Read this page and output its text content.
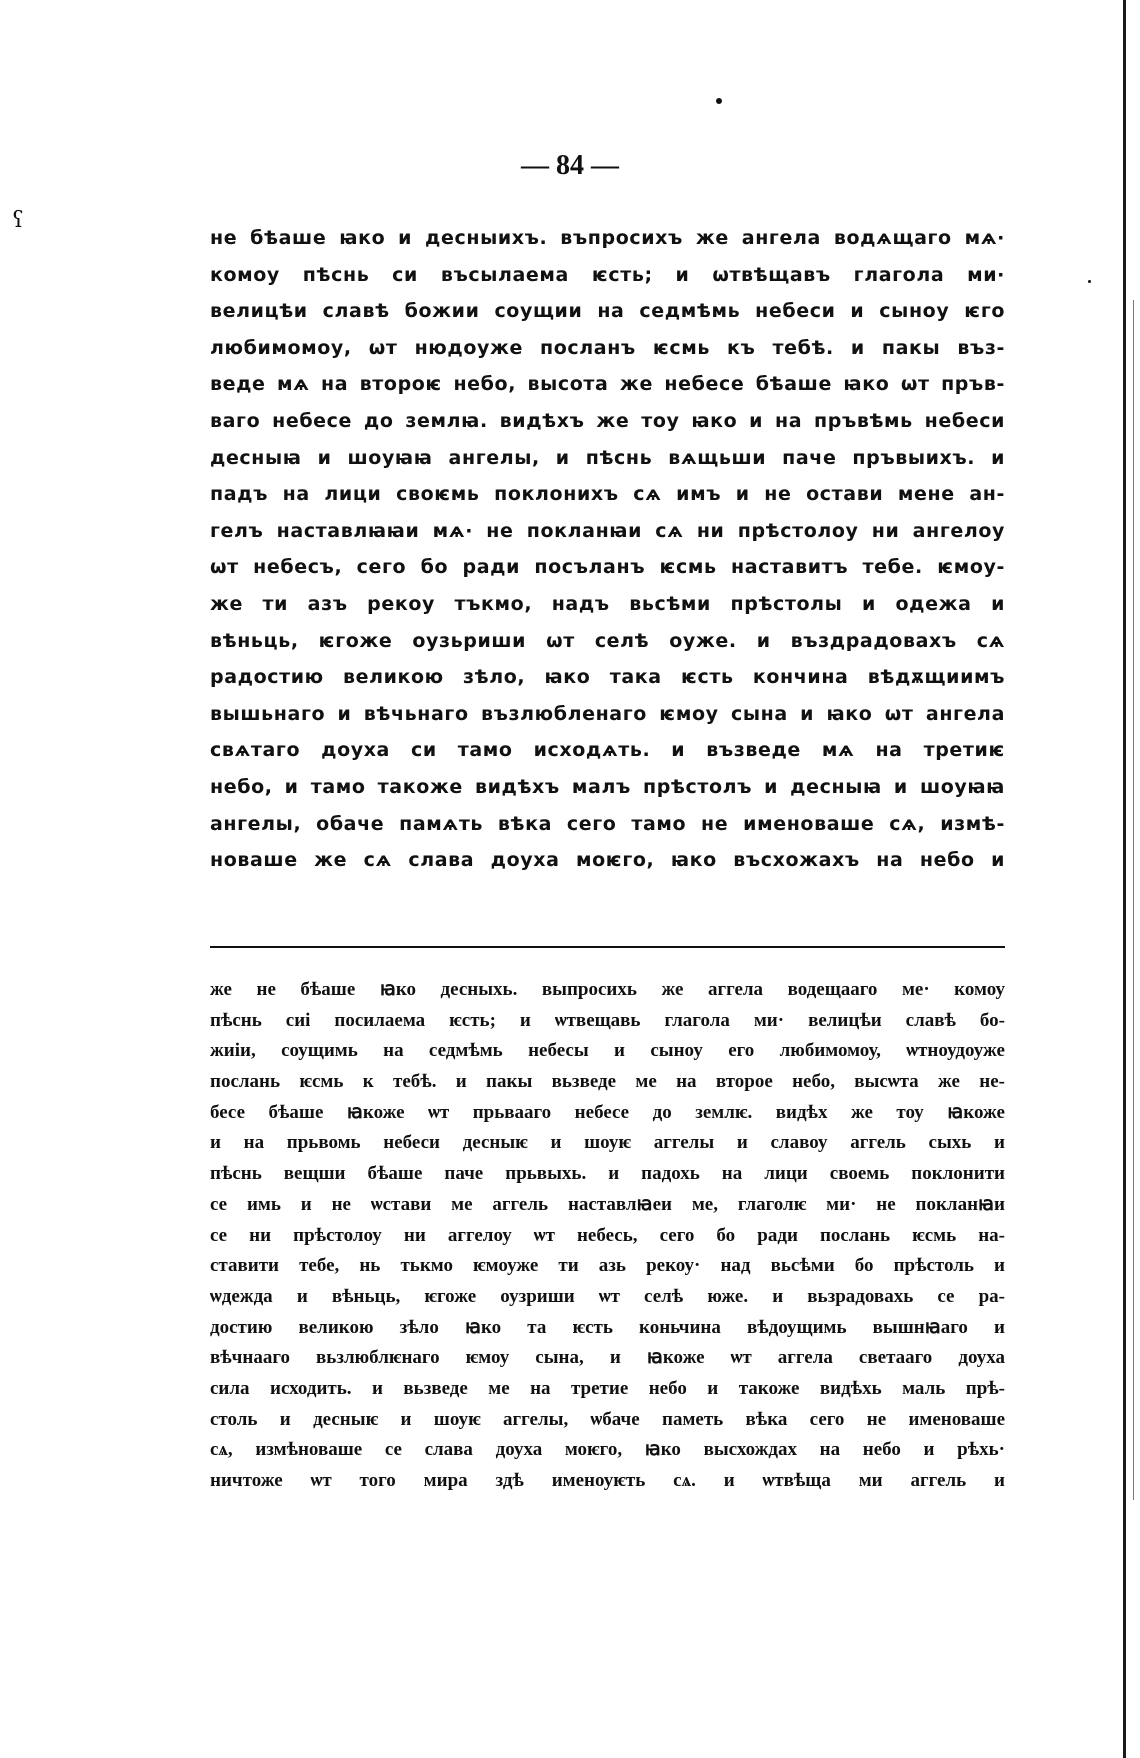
ʕ
— 84 —
не бѣаше ꙗко и десныихъ. въпросихъ же ангела водѧщаго мѧ·
комоу пѣснь си въсылаема ѥсть; и ѡтвѣщавъ глагола ми·
велицѣи славѣ божии соущии на седмѣмь небеси и сыноу ѥго
любимомоу, ѡт нюдоуже посланъ ѥсмь къ тебѣ. и пакы въз-
веде мѧ на второѥ небо, высота же небесе бѣаше ꙗко ѡт пръв-
ваго небесе до землꙗ. видѣхъ же тоу ꙗко и на пръвѣмь небеси
десныꙗ и шоуꙗꙗ ангелы, и пѣснь вѧщьши паче пръвыихъ. и
падъ на лици своѥмь поклонихъ сѧ имъ и не остави мене ан-
гелъ наставлꙗꙗи мѧ· не покланꙗи сѧ ни прѣстолоу ни ангелоу
ѡт небесъ, сего бо ради посъланъ ѥсмь наставитъ тебе. ѥмоу-
же ти азъ рекоу тъкмо, надъ вьсѣми прѣстолы и одежа и
вѣньць, ѥгоже оузьриши ѡт селѣ оуже. и въздрадовахъ сѧ
радостию великою зѣло, ꙗко така ѥсть кончина вѣдѫщиимъ
вышьнаго и вѣчьнаго възлюбленаго ѥмоу сына и ꙗко ѡт ангела
свѧтаго доуха си тамо исходѧть. и възведе мѧ на третиѥ
небо, и тамо такоже видѣхъ малъ прѣстолъ и десныꙗ и шоуꙗꙗ
ангелы, обаче памѧть вѣка сего тамо не именоваше сѧ, измѣ-
новаше же сѧ слава доуха моѥго, ꙗко въсхожахъ на небо и
же не бѣаше ꙗко десныхь. выпросихь же аггела водещааго ме· комоу
пѣснь сиі посилаема ѥсть; и ѡтвещавь глагола ми· велицѣи славѣ бо-
жиіи, соущимь на седмѣмь небесы и сыноу его любимомоу, ѡтноудоуже
послань ѥсмь к тебѣ. и пакы вьзведе ме на второе небо, высѡта же не-
бесе бѣаше ꙗкоже ѡт прьвааго небесе до землѥ. видѣх же тоу ꙗкоже
и на прьвомь небеси десныѥ и шоуѥ аггелы и славоу аггель сыхь и
пѣснь вещши бѣаше паче прьвыхь. и падохь на лици своемь поклонити
се имь и не ѡстави ме аггель наставлꙗеи ме, глаголѥ ми· не покланꙗи
се ни прѣстолоу ни аггелоу ѡт небесь, сего бо ради послань ѥсмь на-
ставити тебе, нь тькмо ѥмоуже ти азь рекоу· над вьсѣми бо прѣстоль и
ѡдежда и вѣньць, ѥгоже оузриши ѡт селѣ юже. и вьзрадовахь се ра-
достию великою зѣло ꙗко та ѥсть коньчина вѣдоущимь вышнꙗаго и
вѣчнааго вьзлюблѥнаго ѥмоу сына, и ꙗкоже ѡт аггела светааго доуха
сила исходить. и вьзведе ме на третие небо и такоже видѣхь маль прѣ-
столь и десныѥ и шоуѥ аггелы, ѡбаче паметь вѣка сего не именоваше
сѧ, измѣноваше се слава доуха моѥго, ꙗко высхождах на небо и рѣхь·
ничтоже ѡт того мира здѣ именоуѥть сѧ. и ѡтвѣща ми аггель и
